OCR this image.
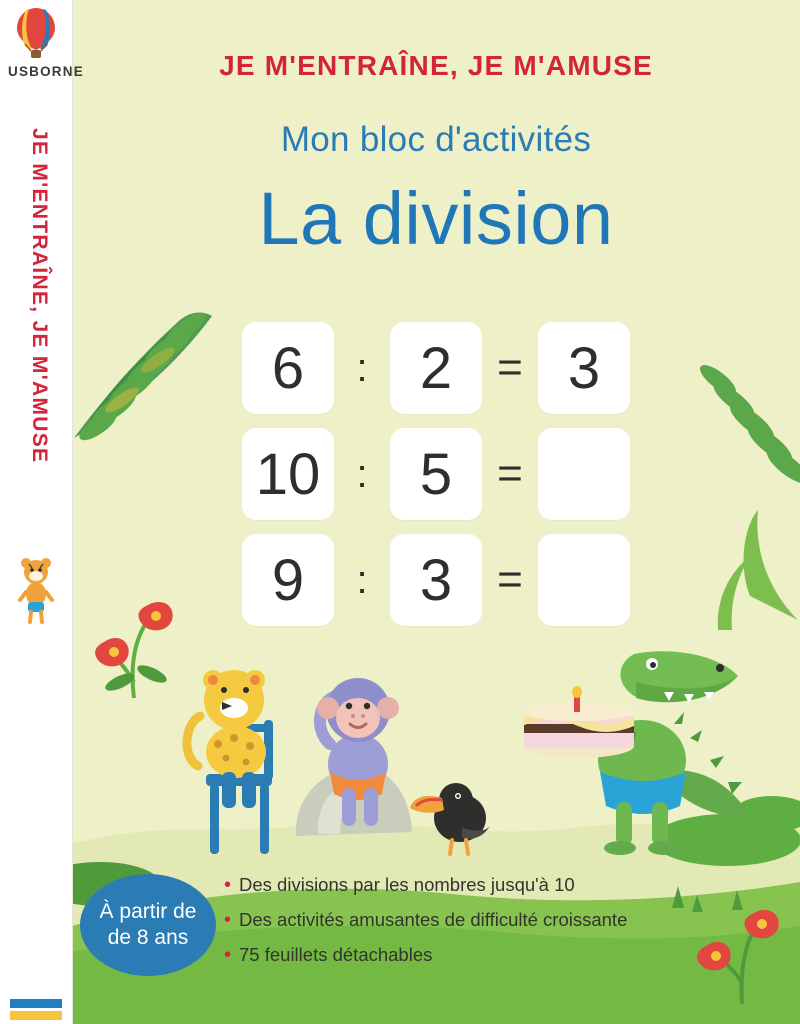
JE M'ENTRAÎNE, JE M'AMUSE
Mon bloc d'activités
La division
6	: 2	= 3
10 : 5	=
9	: 3	=
• Des divisions par les nombres jusqu'à 10
• Des activités amusantes de difficulté croissante
• 75 feuillets détachables
À partir de
de 8 ans
USBORNE
JE M'ENTRAÎNE, JE M'AMUSE
